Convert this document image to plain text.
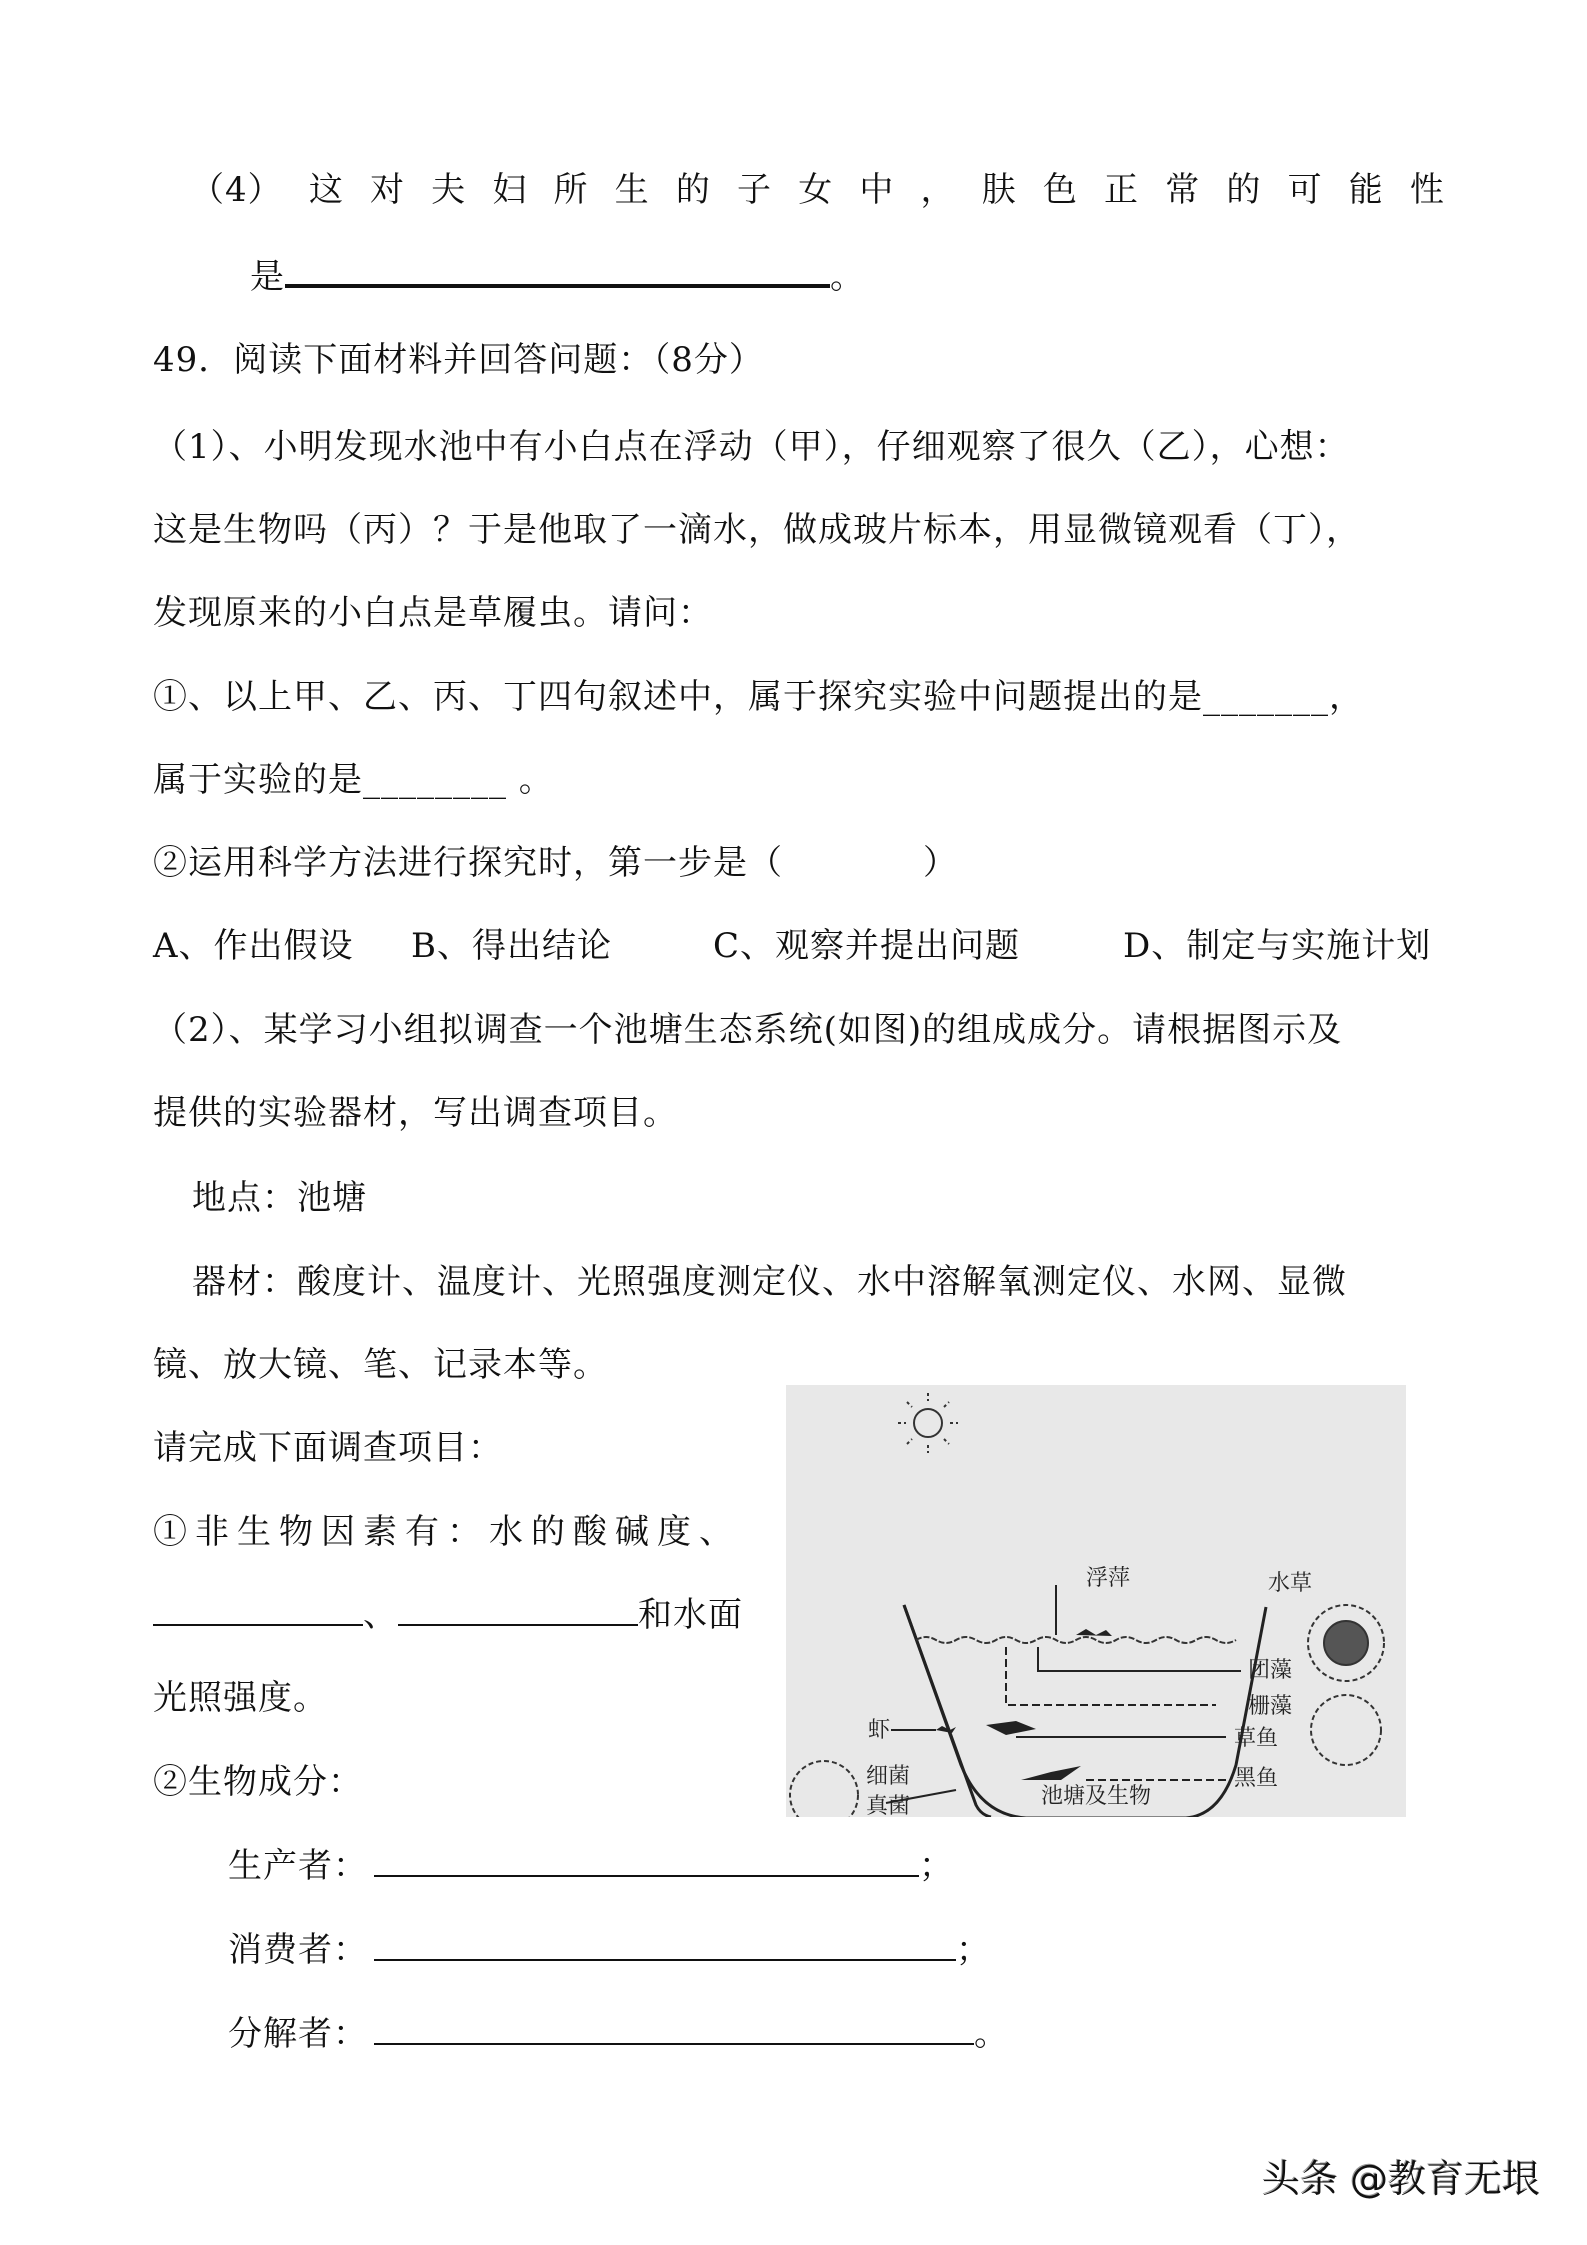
（4） 这 对 夫 妇 所 生 的 子 女 中 ， 肤 色 正 常 的 可 能 性
是	。
49．阅读下面材料并回答问题：（8分）
（1）、小明发现水池中有小白点在浮动（甲），仔细观察了很久（乙），心想：
这是生物吗（丙）？于是他取了一滴水，做成玻片标本，用显微镜观看（丁），
发现原来的小白点是草履虫。请问：
①、以上甲、乙、丙、丁四句叙述中，属于探究实验中问题提出的是_______，
属于实验的是________ 。
②运用科学方法进行探究时，第一步是（	）
A、作出假设 B、得出结论	C、观察并提出问题	D、制定与实施计划
（2）、某学习小组拟调查一个池塘生态系统(如图)的组成成分。请根据图示及
提供的实验器材，写出调查项目。
地点：池塘
器材：酸度计、温度计、光照强度测定仪、水中溶解氧测定仪、水网、显微
镜、放大镜、笔、记录本等。
请完成下面调查项目：
①非生物因素有：水的酸碱度、
、	和水面
光照强度。
②生物成分：
生产者：	；
消费者：	；
分解者：	。
浮萍	水草
团藻
栅藻
虾	草鱼
黑鱼
细菌
真菌	池塘及生物
头条 @教育无垠
